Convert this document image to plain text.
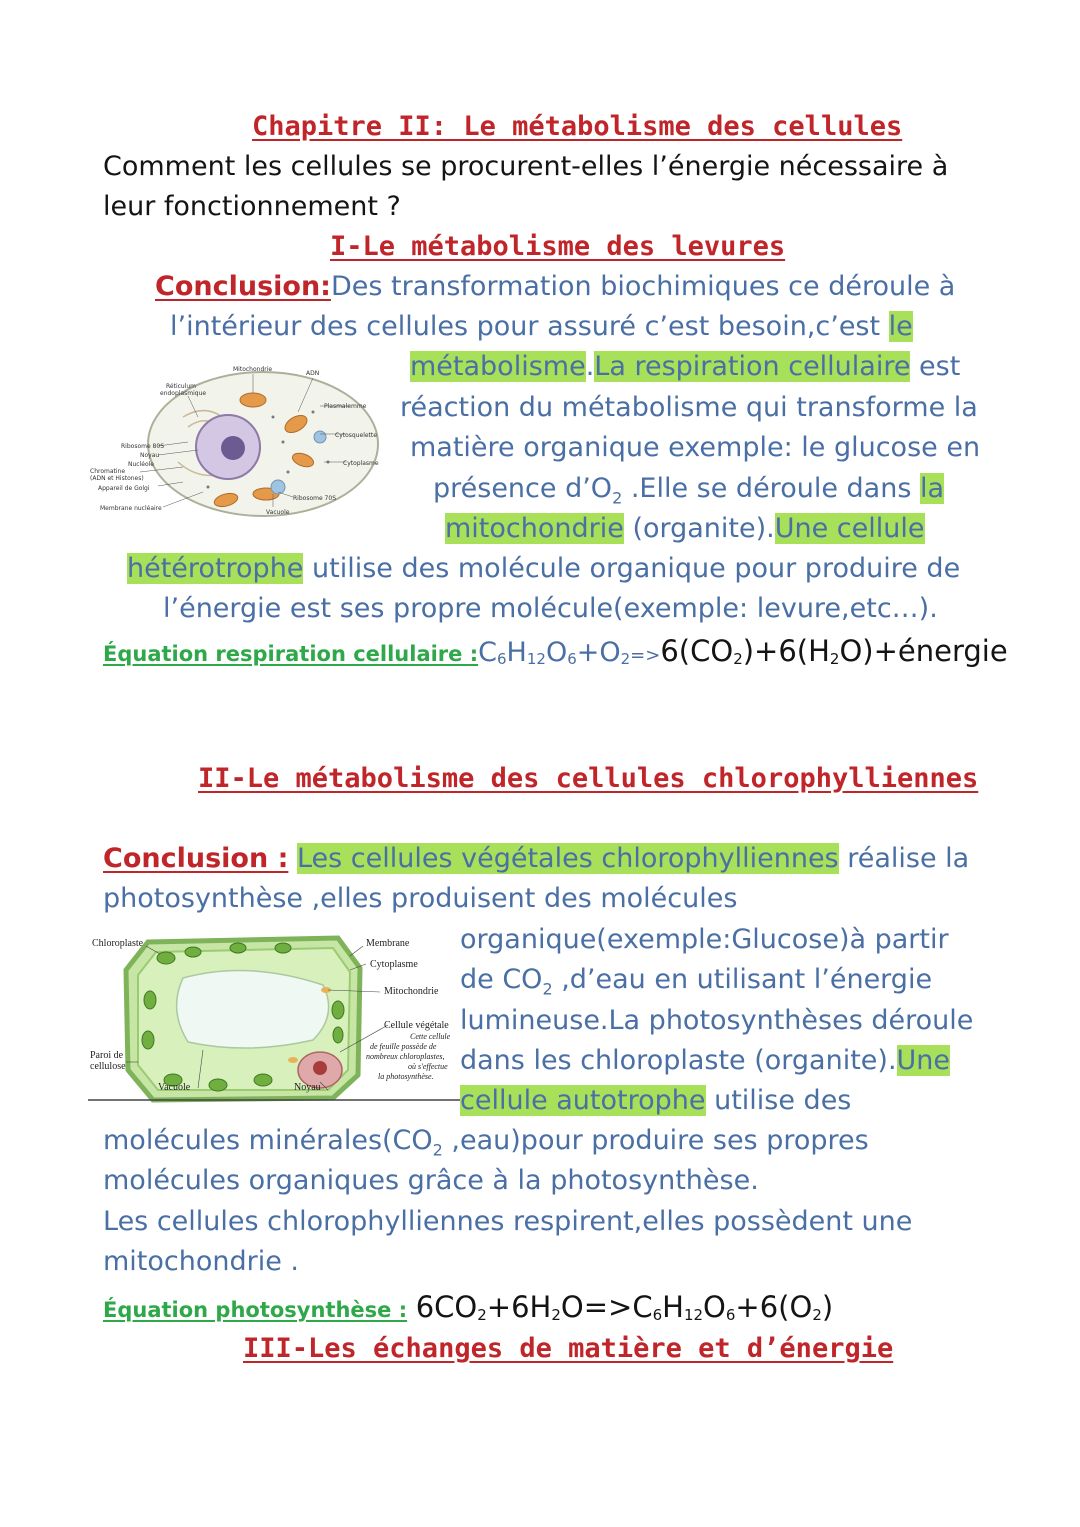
Chapitre II: Le métabolisme des cellules
Comment les cellules se procurent-elles l’énergie nécessaire à
leur fonctionnement ?
I-Le métabolisme des levures
Conclusion:Des transformation biochimiques ce déroule à
l’intérieur des cellules pour assuré c’est besoin,c’est le
métabolisme.La respiration cellulaire est
réaction du métabolisme qui transforme la
matière organique exemple: le glucose en
présence $d’O_2$ .Elle se déroule dans la
mitochondrie (organite).Une cellule
hétérotrophe utilise des molécule organique pour produire de
l’énergie est ses propre molécule(exemple: levure,etc…).
Équation respiration cellulaire $:C_6H_{12}O_6+O_2=>6(CO_2)+6(H_2O)+énergie$
Mitochondrie
ADN
Réticulum
endoplasmique
Plasmalemme
Ribosome 80S
Cytosquelette
Noyau
Nucléole
Chromatine
(ADN et Histones)
Cytoplasme
Appareil de Golgi
Ribosome 70S
Membrane nucléaire
Vacuole
II-Le métabolisme des cellules chlorophylliennes
Conclusion : Les cellules végétales chlorophylliennes réalise la
photosynthèse ,elles produisent des molécules
organique(exemple:Glucose)à partir
de $CO_2$ ,d’eau en utilisant l’énergie
lumineuse.La photosynthèses déroule
dans les chloroplaste (organite).Une
cellule autotrophe utilise des
molécules $\min érales(CO_2$ ,eau)pour produire ses propres
molécules organiques grâce à la photosynthèse.
Les cellules chlorophylliennes respirent,elles possèdent une
mitochondrie .
Équation photosynthèse : $6CO_2+6H_2O=>C_6H_{12}O_6+6(O_2)$
Chloroplaste	Membrane
Cytoplasme
Mitochondrie
Cellule végétale
Cette cellule
de feuille possède de
nombreux chloroplastes,
où s'effectue
la photosynthèse.
Paroi de
cellulose
Vacuole	Noyau
III-Les échanges de matière et d’énergie
